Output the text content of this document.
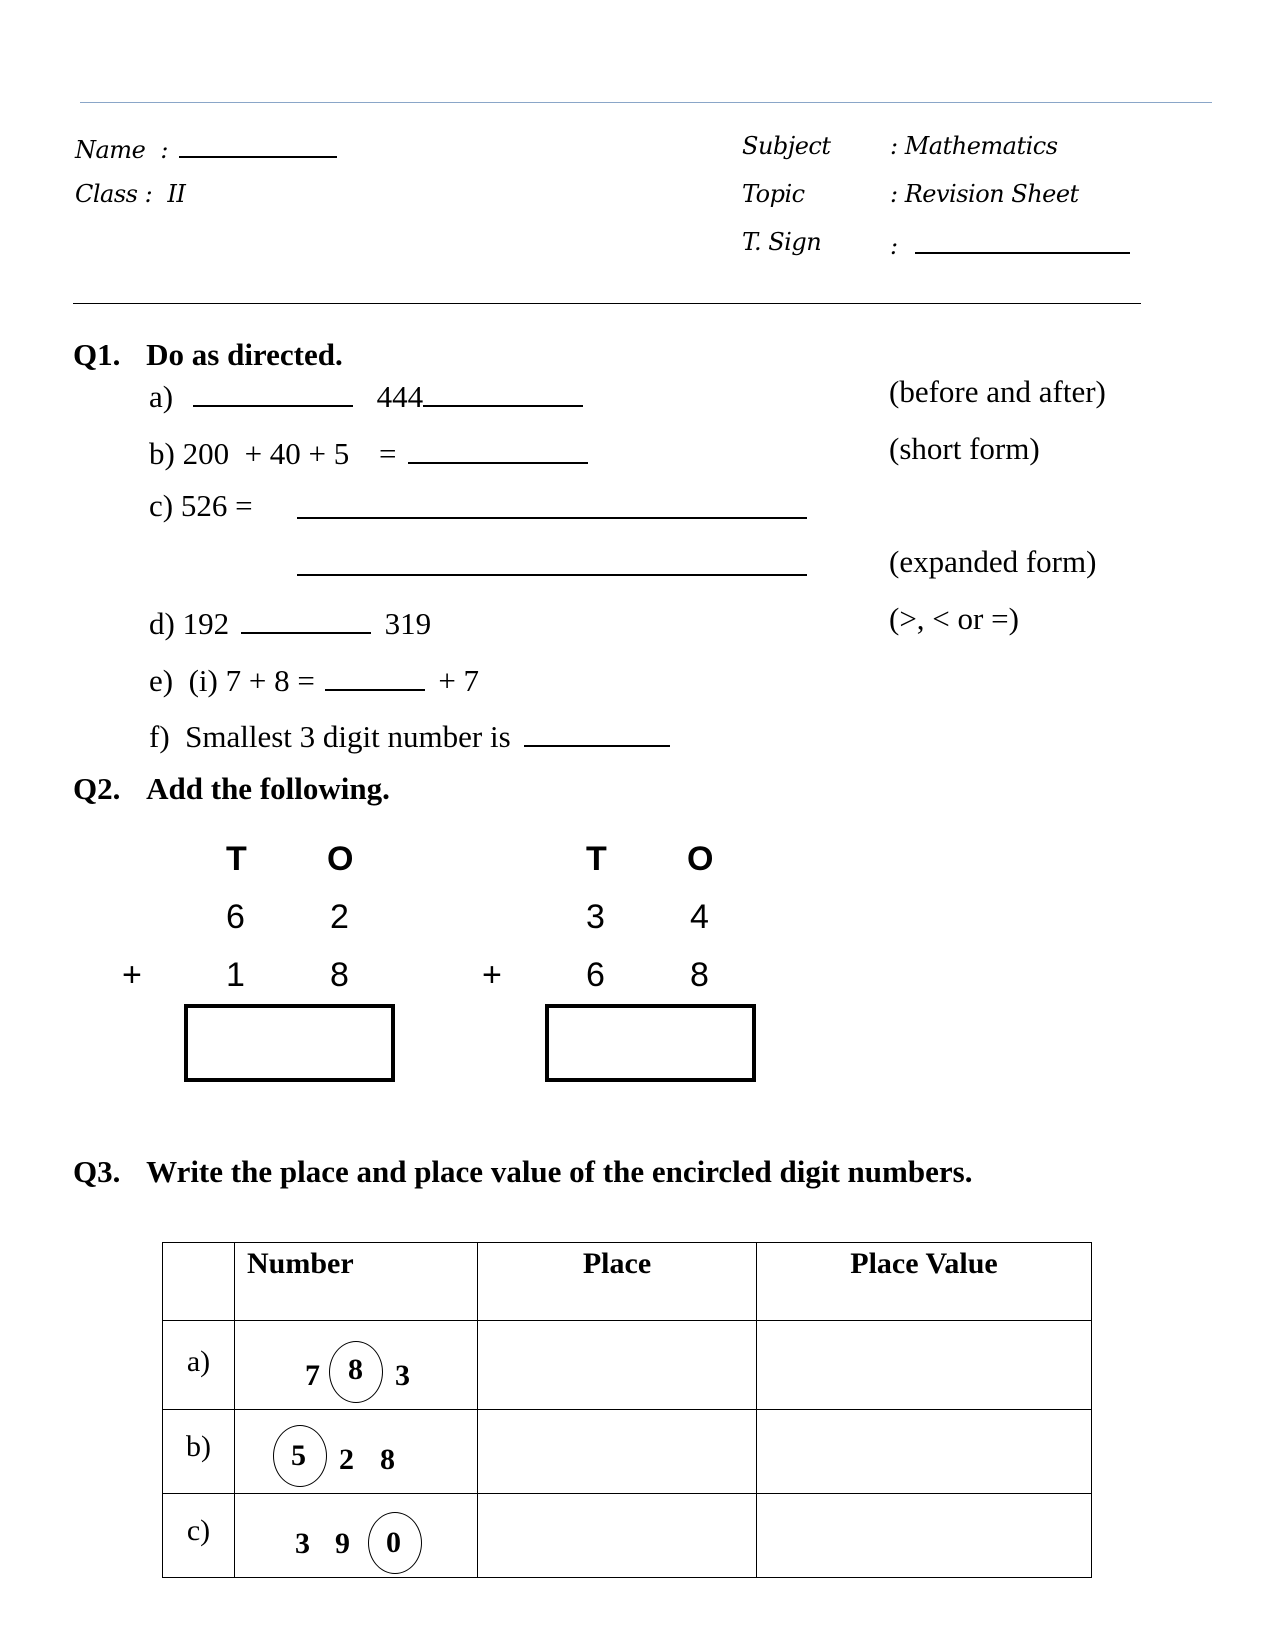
Name :
Class : II
Subject : Mathematics
Topic	: Revision Sheet
T. Sign	:
Q1. Do as directed.
a)	444	(before and after)
b) 200  + 40 + 5 =	(short form)
c) 526 =
(expanded form)
d) 192	319	(>, < or =)
e)  (i) 7 + 8 =	+ 7
f)  Smallest 3 digit number is
Q2. Add the following.
T O
6	2
+ 1	8
T O
3	4
+ 6	8
Q3. Write the place and place value of the encircled digit numbers.
	Number	Place	Place Value
a)	7 8 3		

b)	5 2 8		

c)	3 9 0		
